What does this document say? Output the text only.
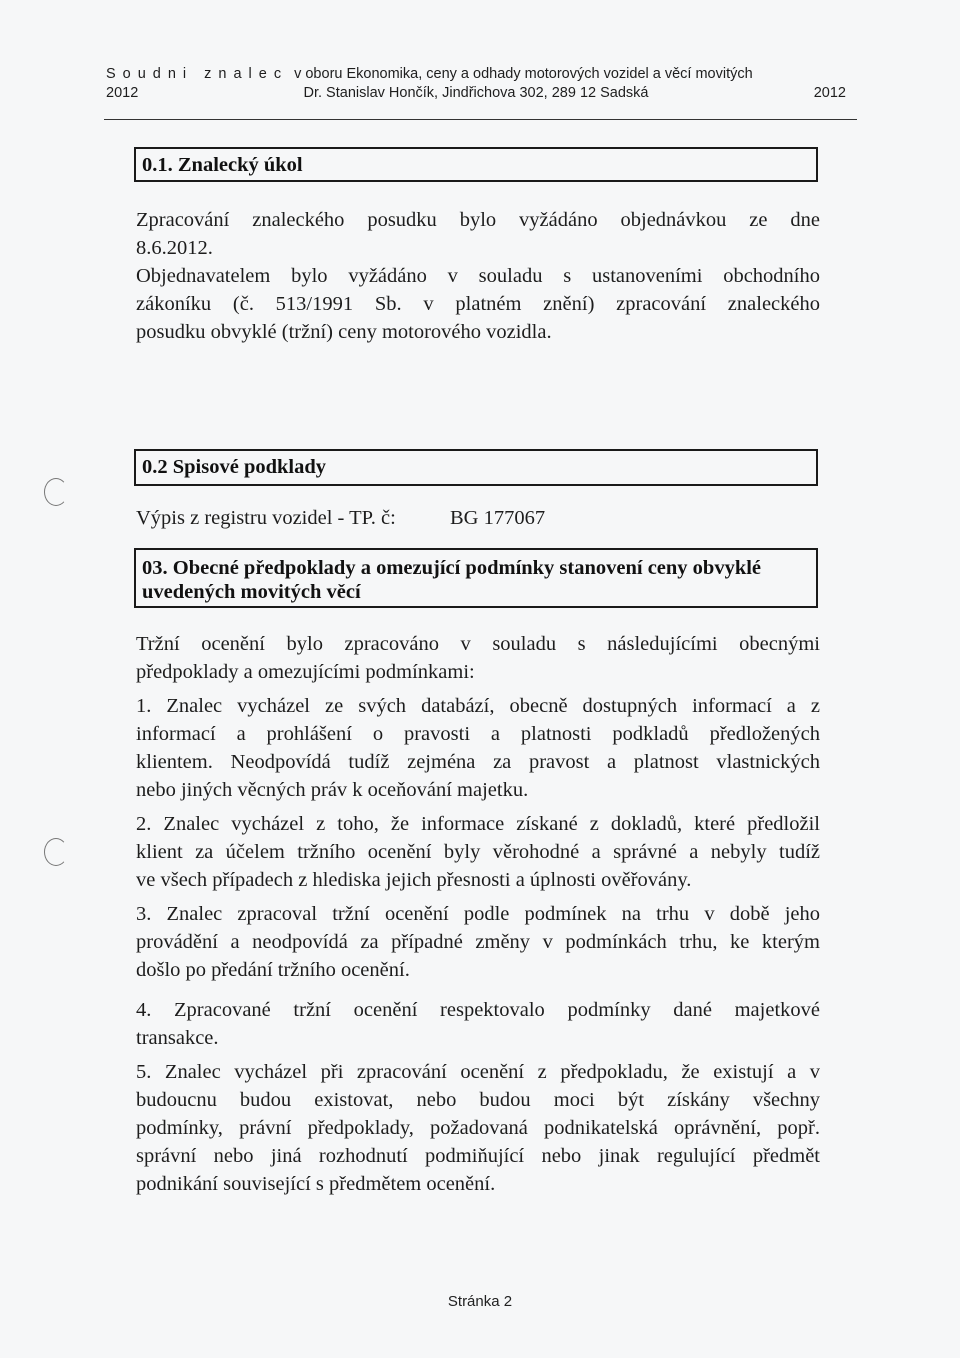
Soudni znalec v oboru Ekonomika, ceny a odhady motorových vozidel a věcí movitých
2012	Dr. Stanislav Hončík, Jindřichova 302, 289 12 Sadská	2012
0.1. Znalecký úkol
Zpracování znaleckého posudku bylo vyžádáno objednávkou ze dne
8.6.2012.
Objednavatelem bylo vyžádáno v souladu s ustanoveními obchodního
zákoníku (č. 513/1991 Sb. v platném znění) zpracování znaleckého
posudku obvyklé (tržní) ceny motorového vozidla.
0.2 Spisové podklady
Výpis z registru vozidel - TP. č:	BG 177067
03. Obecné předpoklady a omezující podmínky stanovení ceny obvyklé
uvedených movitých věcí
Tržní ocenění bylo zpracováno v souladu s následujícími obecnými
předpoklady a omezujícími podmínkami:
1. Znalec vycházel ze svých databází, obecně dostupných informací a z
informací a prohlášení o pravosti a platnosti podkladů předložených
klientem. Neodpovídá tudíž zejména za pravost a platnost vlastnických
nebo jiných věcných práv k oceňování majetku.
2. Znalec vycházel z toho, že informace získané z dokladů, které předložil
klient za účelem tržního ocenění byly věrohodné a správné a nebyly tudíž
ve všech případech z hlediska jejich přesnosti a úplnosti ověřovány.
3. Znalec zpracoval tržní ocenění podle podmínek na trhu v době jeho
provádění a neodpovídá za případné změny v podmínkách trhu, ke kterým
došlo po předání tržního ocenění.
4. Zpracované tržní ocenění respektovalo podmínky dané majetkové
transakce.
5. Znalec vycházel při zpracování ocenění z předpokladu, že existují a v
budoucnu budou existovat, nebo budou moci být získány všechny
podmínky, právní předpoklady, požadovaná podnikatelská oprávnění, popř.
správní nebo jiná rozhodnutí podmiňující nebo jinak regulující předmět
podnikání související s předmětem ocenění.
Stránka 2
